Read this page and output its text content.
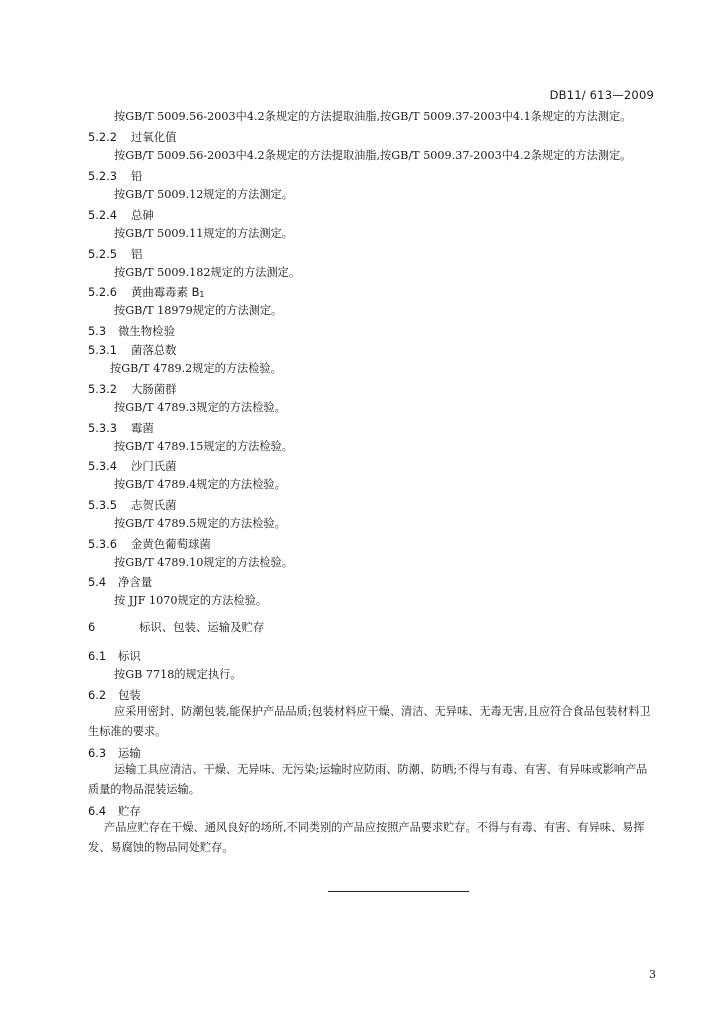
DB11/ 613—2009
按GB/T 5009.56-2003中4.2条规定的方法提取油脂,按GB/T 5009.37-2003中4.1条规定的方法测定。
5.2.2 过氧化值
按GB/T 5009.56-2003中4.2条规定的方法提取油脂,按GB/T 5009.37-2003中4.2条规定的方法测定。
5.2.3 铅
按GB/T 5009.12规定的方法测定。
5.2.4 总砷
按GB/T 5009.11规定的方法测定。
5.2.5 铝
按GB/T 5009.182规定的方法测定。
5.2.6 黄曲霉毒素 B1
按GB/T 18979规定的方法测定。
5.3 微生物检验
5.3.1 菌落总数
按GB/T 4789.2规定的方法检验。
5.3.2 大肠菌群
按GB/T 4789.3规定的方法检验。
5.3.3 霉菌
按GB/T 4789.15规定的方法检验。
5.3.4 沙门氏菌
按GB/T 4789.4规定的方法检验。
5.3.5 志贺氏菌
按GB/T 4789.5规定的方法检验。
5.3.6 金黄色葡萄球菌
按GB/T 4789.10规定的方法检验。
5.4 净含量
按 JJF 1070规定的方法检验。
6	标识、包装、运输及贮存
6.1 标识
按GB 7718的规定执行。
6.2 包装
应采用密封、防潮包装,能保护产品品质;包装材料应干燥、清洁、无异味、无毒无害,且应符合食品包装材料卫生标准的要求。
6.3 运输
运输工具应清洁、干燥、无异味、无污染;运输时应防雨、防潮、防晒;不得与有毒、有害、有异味或影响产品质量的物品混装运输。
6.4 贮存
产品应贮存在干燥、通风良好的场所,不同类别的产品应按照产品要求贮存。不得与有毒、有害、有异味、易挥发、易腐蚀的物品同处贮存。
3
